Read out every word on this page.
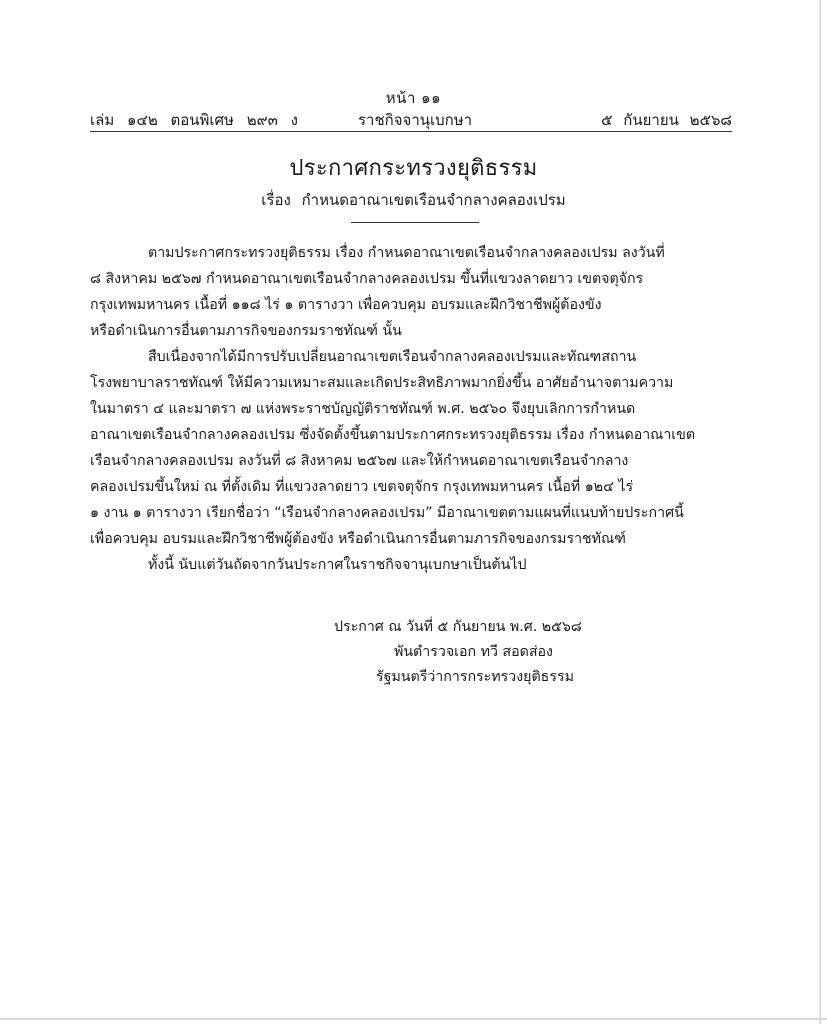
หน้า ๑๑
เล่ม ๑๔๒ ตอนพิเศษ ๒๙๓ ง	ราชกิจจานุเบกษา	๕ กันยายน ๒๕๖๘
ประกาศกระทรวงยุติธรรม
เรื่อง กำหนดอาณาเขตเรือนจำกลางคลองเปรม
ตามประกาศกระทรวงยุติธรรม เรื่อง กำหนดอาณาเขตเรือนจำกลางคลองเปรม ลงวันที่
๘ สิงหาคม ๒๕๖๗ กำหนดอาณาเขตเรือนจำกลางคลองเปรม ขึ้นที่แขวงลาดยาว เขตจตุจักร
กรุงเทพมหานคร เนื้อที่ ๑๑๘ ไร่ ๑ ตารางวา เพื่อควบคุม อบรมและฝึกวิชาชีพผู้ต้องขัง
หรือดำเนินการอื่นตามภารกิจของกรมราชทัณฑ์ นั้น
สืบเนื่องจากได้มีการปรับเปลี่ยนอาณาเขตเรือนจำกลางคลองเปรมและทัณฑสถาน
โรงพยาบาลราชทัณฑ์ ให้มีความเหมาะสมและเกิดประสิทธิภาพมากยิ่งขึ้น อาศัยอำนาจตามความ
ในมาตรา ๔ และมาตรา ๗ แห่งพระราชบัญญัติราชทัณฑ์ พ.ศ. ๒๕๖๐ จึงยุบเลิกการกำหนด
อาณาเขตเรือนจำกลางคลองเปรม ซึ่งจัดตั้งขึ้นตามประกาศกระทรวงยุติธรรม เรื่อง กำหนดอาณาเขต
เรือนจำกลางคลองเปรม ลงวันที่ ๘ สิงหาคม ๒๕๖๗ และให้กำหนดอาณาเขตเรือนจำกลาง
คลองเปรมขึ้นใหม่ ณ ที่ตั้งเดิม ที่แขวงลาดยาว เขตจตุจักร กรุงเทพมหานคร เนื้อที่ ๑๒๔ ไร่
๑ งาน ๑ ตารางวา เรียกชื่อว่า “เรือนจำกลางคลองเปรม” มีอาณาเขตตามแผนที่แนบท้ายประกาศนี้
เพื่อควบคุม อบรมและฝึกวิชาชีพผู้ต้องขัง หรือดำเนินการอื่นตามภารกิจของกรมราชทัณฑ์
ทั้งนี้ นับแต่วันถัดจากวันประกาศในราชกิจจานุเบกษาเป็นต้นไป
ประกาศ ณ วันที่ ๕ กันยายน พ.ศ. ๒๕๖๘
พันตำรวจเอก ทวี สอดส่อง
รัฐมนตรีว่าการกระทรวงยุติธรรม
